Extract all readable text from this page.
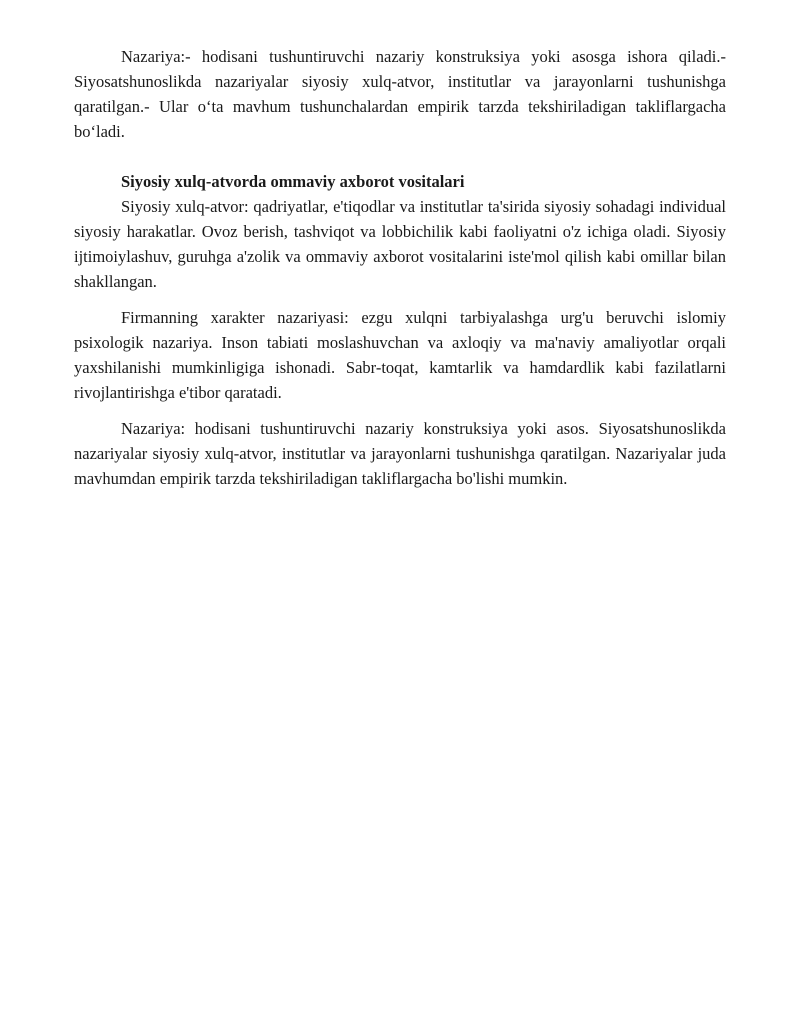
Nazariya:- hodisani tushuntiruvchi nazariy konstruksiya yoki asosga ishora qiladi.- Siyosatshunoslikda nazariyalar siyosiy xulq-atvor, institutlar va jarayonlarni tushunishga qaratilgan.- Ular o‘ta mavhum tushunchalardan empirik tarzda tekshiriladigan takliflargacha bo‘ladi.

Siyosiy xulq-atvorda ommaviy axborot vositalari

Siyosiy xulq-atvor: qadriyatlar, e'tiqodlar va institutlar ta'sirida siyosiy sohadagi individual siyosiy harakatlar. Ovoz berish, tashviqot va lobbichilik kabi faoliyatni o'z ichiga oladi. Siyosiy ijtimoiylashuv, guruhga a'zolik va ommaviy axborot vositalarini iste'mol qilish kabi omillar bilan shakllangan.

Firmanning xarakter nazariyasi: ezgu xulqni tarbiyalashga urg'u beruvchi islomiy psixologik nazariya. Inson tabiati moslashuvchan va axloqiy va ma'naviy amaliyotlar orqali yaxshilanishi mumkinligiga ishonadi. Sabr-toqat, kamtarlik va hamdardlik kabi fazilatlarni rivojlantirishga e'tibor qaratadi.

Nazariya: hodisani tushuntiruvchi nazariy konstruksiya yoki asos. Siyosatshunoslikda nazariyalar siyosiy xulq-atvor, institutlar va jarayonlarni tushunishga qaratilgan. Nazariyalar juda mavhumdan empirik tarzda tekshiriladigan takliflargacha bo'lishi mumkin.
